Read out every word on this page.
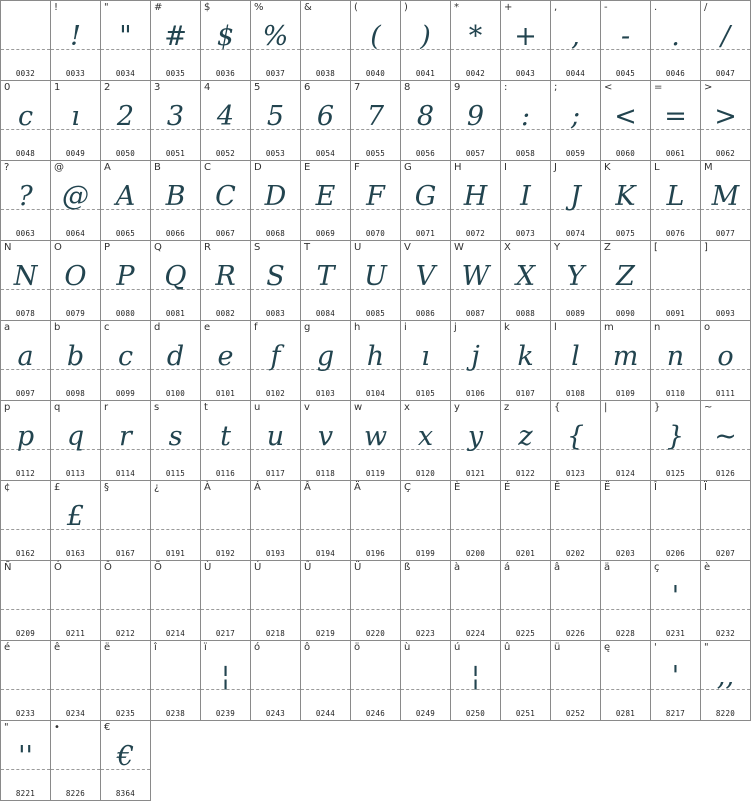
0032
!
!
0033
"
"
0034
#
#
0035
$
$
0036
%
%
0037
&
0038
(
(
0040
)
)
0041
*
*
0042
+
+
0043
,
,
0044
-
-
0045
.
.
0046
/
/
0047
0
c
0048
1
ı
0049
2
2
0050
3
3
0051
4
4
0052
5
5
0053
6
6
0054
7
7
0055
8
8
0056
9
9
0057
:
:
0058
;
;
0059
<
<
0060
=
=
0061
>
>
0062
?
?
0063
@
@
0064
A
A
0065
B
B
0066
C
C
0067
D
D
0068
E
E
0069
F
F
0070
G
G
0071
H
H
0072
I
I
0073
J
J
0074
K
K
0075
L
L
0076
M
M
0077
N
N
0078
O
O
0079
P
P
0080
Q
Q
0081
R
R
0082
S
S
0083
T
T
0084
U
U
0085
V
V
0086
W
W
0087
X
X
0088
Y
Y
0089
Z
Z
0090
[
0091
]
0093
a
a
0097
b
b
0098
c
c
0099
d
d
0100
e
e
0101
f
f
0102
g
g
0103
h
h
0104
i
ı
0105
j
j
0106
k
k
0107
l
l
0108
m
m
0109
n
n
0110
o
o
0111
p
p
0112
q
q
0113
r
r
0114
s
s
0115
t
t
0116
u
u
0117
v
v
0118
w
w
0119
x
x
0120
y
y
0121
z
z
0122
{
{
0123
|
0124
}
}
0125
~
~
0126
¢
0162
£
£
0163
§
0167
¿
0191
À
0192
Á
0193
Â
0194
Ä
0196
Ç
0199
È
0200
É
0201
Ê
0202
Ë
0203
Î
0206
Ï
0207
Ñ
0209
Ó
0211
Ô
0212
Ö
0214
Ù
0217
Ú
0218
Û
0219
Ü
0220
ß
0223
à
0224
á
0225
â
0226
ä
0228
ç
'
0231
è
0232
é
0233
ê
0234
ë
0235
î
0238
ï
¦
0239
ó
0243
ô
0244
ö
0246
ù
0249
ú
¦
0250
û
0251
ü
0252
ę
0281
'
'
8217
"
,,
8220
"
''
8221
•
8226
€
€
8364
